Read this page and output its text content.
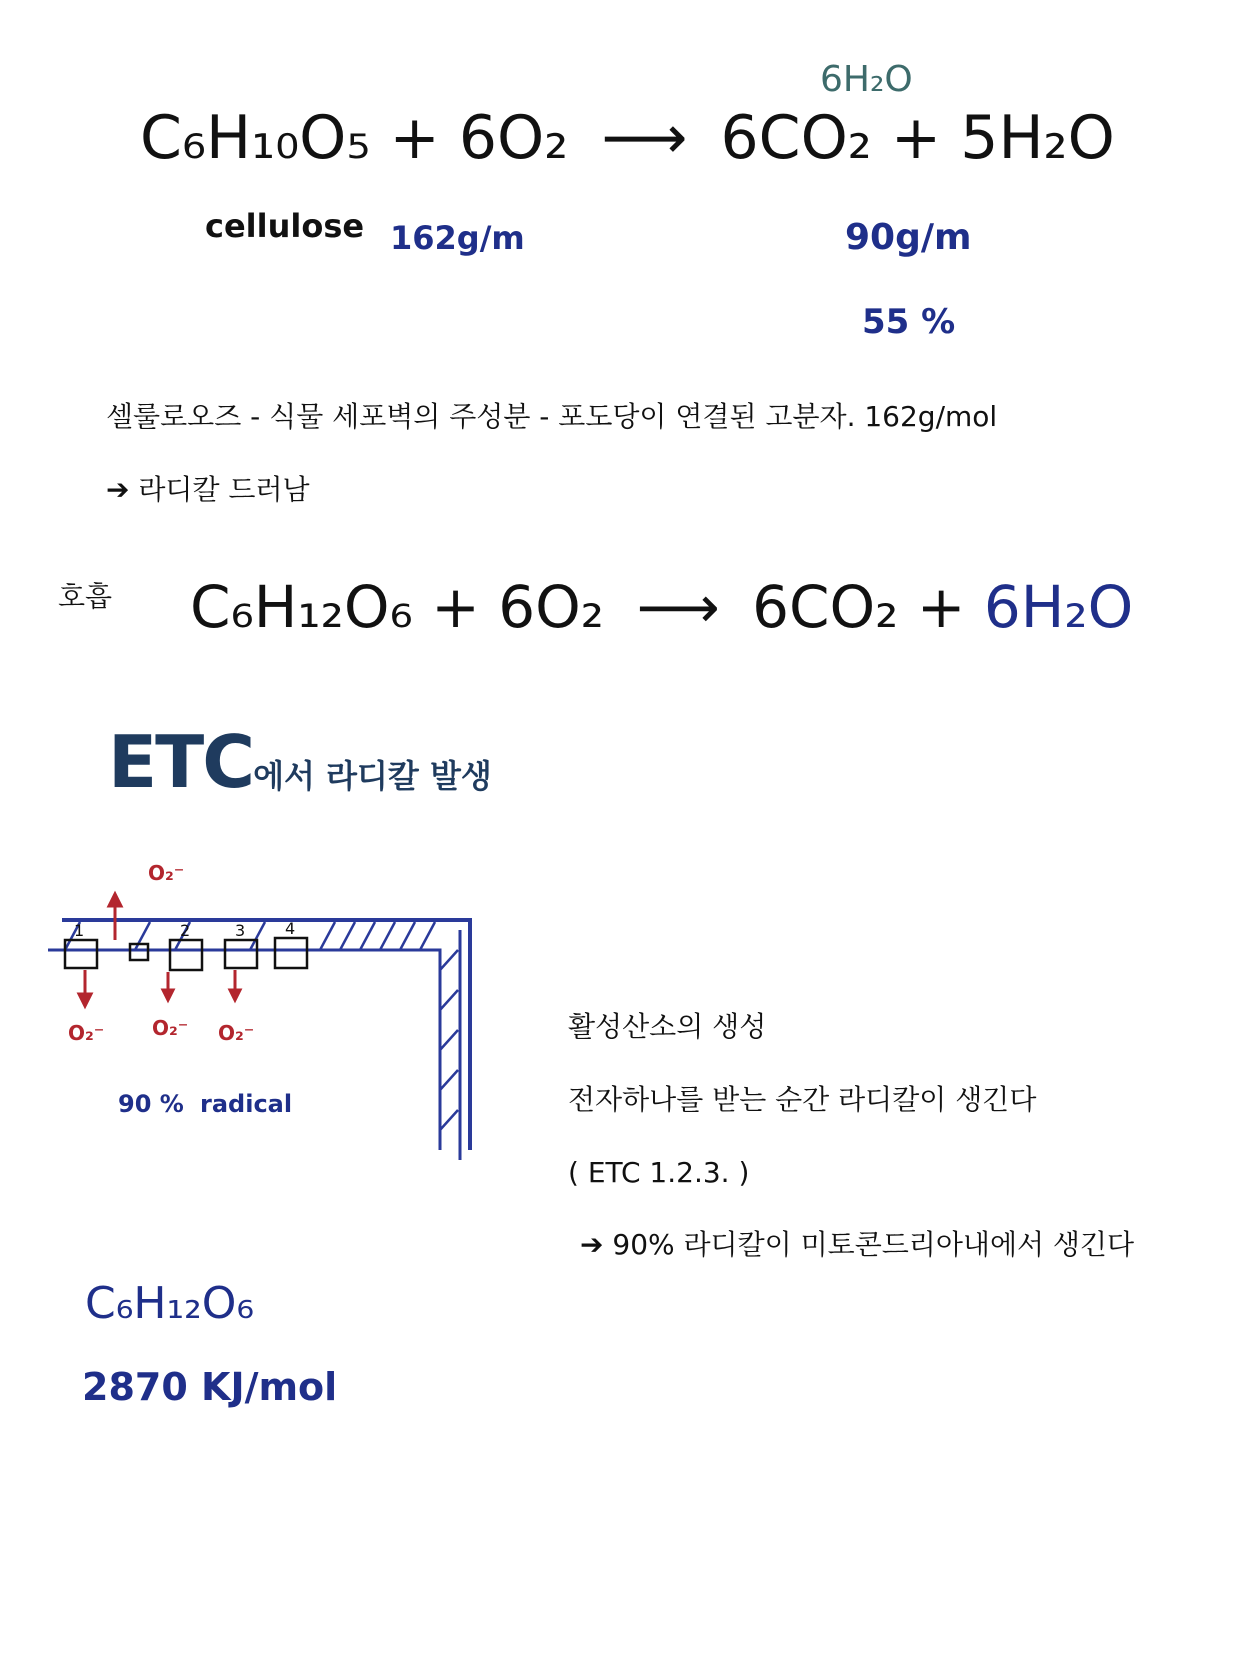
6H₂O
C₆H₁₀O₅ + 6O₂ ⟶ 6CO₂ + 5H₂O
cellulose 162g/m	90g/m
55 %
셀룰로오즈 - 식물 세포벽의 주성분 - 포도당이 연결된 고분자. 162g/mol
➔ 라디칼 드러남
호흡 C₆H₁₂O₆ + 6O₂ ⟶ 6CO₂ + 6H₂O
ETC에서 라디칼 발생
1	2	3 4
O₂⁻
O₂⁻ O₂⁻ O₂⁻
90 % radical
활성산소의 생성
전자하나를 받는 순간 라디칼이 생긴다
( ETC 1.2.3. )
➔ 90% 라디칼이 미토콘드리아내에서 생긴다
C₆H₁₂O₆
2870 KJ/mol
